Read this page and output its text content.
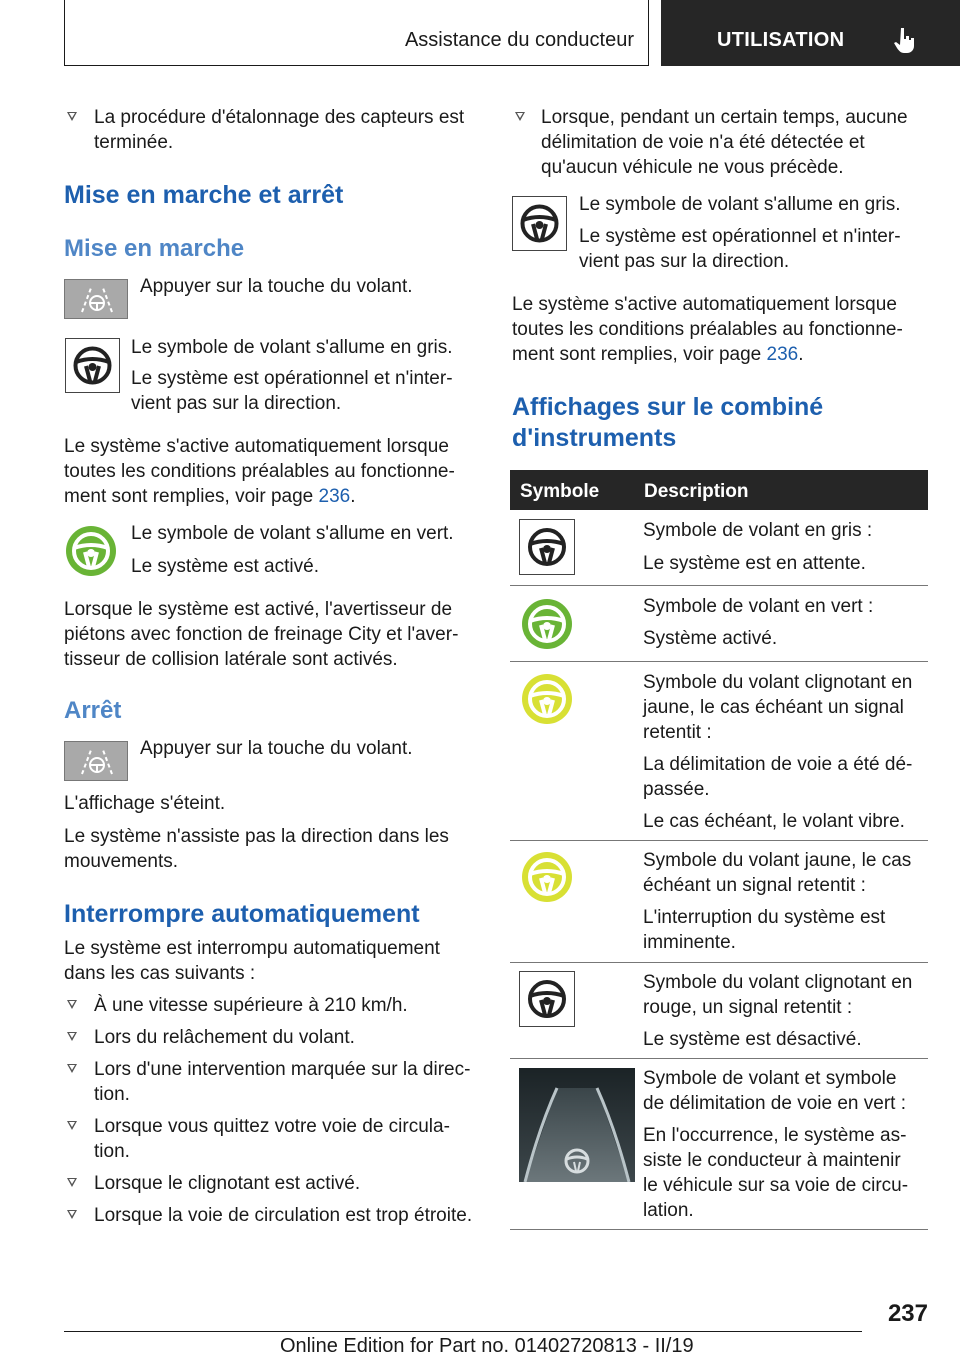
Assistance du conducteur	UTILISATION
La procédure d'étalonnage des capteurs est terminée.
Mise en marche et arrêt
Mise en marche
Appuyer sur la touche du volant.
Le symbole de volant s'allume en gris.
Le système est opérationnel et n'inter-
vient pas sur la direction.
Le système s'active automatiquement lorsque
toutes les conditions préalables au fonctionne-
ment sont remplies, voir page 236.
Le symbole de volant s'allume en vert.
Le système est activé.
Lorsque le système est activé, l'avertisseur de
piétons avec fonction de freinage City et l'aver-
tisseur de collision latérale sont activés.
Arrêt
Appuyer sur la touche du volant.
L'affichage s'éteint.
Le système n'assiste pas la direction dans les
mouvements.
Interrompre automatiquement
Le système est interrompu automatiquement
dans les cas suivants :
À une vitesse supérieure à 210 km/h.
Lors du relâchement du volant.
Lors d'une intervention marquée sur la direc-
tion.
Lorsque vous quittez votre voie de circula-
tion.
Lorsque le clignotant est activé.
Lorsque la voie de circulation est trop étroite.
Lorsque, pendant un certain temps, aucune
délimitation de voie n'a été détectée et
qu'aucun véhicule ne vous précède.
Le symbole de volant s'allume en gris.
Le système est opérationnel et n'inter-
vient pas sur la direction.
Le système s'active automatiquement lorsque
toutes les conditions préalables au fonctionne-
ment sont remplies, voir page 236.
Affichages sur le combiné
d'instruments
Symbole Description
Symbole de volant en gris :
Le système est en attente.
Symbole de volant en vert :
Système activé.
Symbole du volant clignotant en
jaune, le cas échéant un signal
retentit :
La délimitation de voie a été dé-
passée.
Le cas échéant, le volant vibre.
Symbole du volant jaune, le cas
échéant un signal retentit :
L'interruption du système est
imminente.
Symbole du volant clignotant en
rouge, un signal retentit :
Le système est désactivé.
Symbole de volant et symbole
de délimitation de voie en vert :
En l'occurrence, le système as-
siste le conducteur à maintenir
le véhicule sur sa voie de circu-
lation.
237
Online Edition for Part no. 01402720813 - II/19
